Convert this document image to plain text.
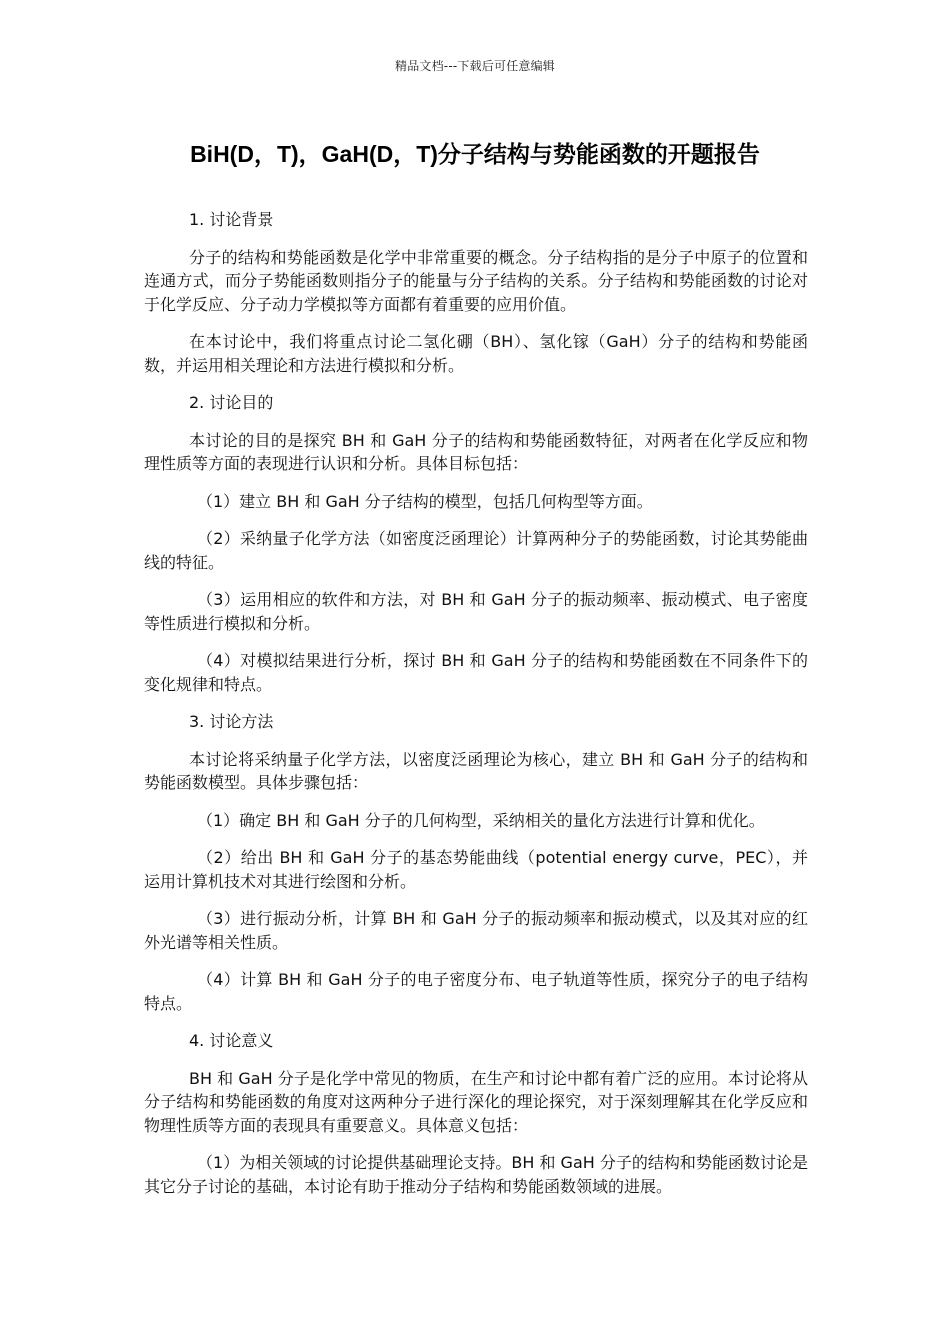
精品文档---下载后可任意编辑
BiH(D，T)，GaH(D，T)分子结构与势能函数的开题报告

1. 讨论背景

分子的结构和势能函数是化学中非常重要的概念。分子结构指的是分子中原子的位置和连通方式，而分子势能函数则指分子的能量与分子结构的关系。分子结构和势能函数的讨论对于化学反应、分子动力学模拟等方面都有着重要的应用价值。

在本讨论中，我们将重点讨论二氢化硼（BH）、氢化镓（GaH）分子的结构和势能函数，并运用相关理论和方法进行模拟和分析。

2. 讨论目的

本讨论的目的是探究 BH 和 GaH 分子的结构和势能函数特征，对两者在化学反应和物理性质等方面的表现进行认识和分析。具体目标包括：

（1）建立 BH 和 GaH 分子结构的模型，包括几何构型等方面。

（2）采纳量子化学方法（如密度泛函理论）计算两种分子的势能函数，讨论其势能曲线的特征。

（3）运用相应的软件和方法，对 BH 和 GaH 分子的振动频率、振动模式、电子密度等性质进行模拟和分析。

（4）对模拟结果进行分析，探讨 BH 和 GaH 分子的结构和势能函数在不同条件下的变化规律和特点。

3. 讨论方法

本讨论将采纳量子化学方法，以密度泛函理论为核心，建立 BH 和 GaH 分子的结构和势能函数模型。具体步骤包括：

（1）确定 BH 和 GaH 分子的几何构型，采纳相关的量化方法进行计算和优化。

（2）给出 BH 和 GaH 分子的基态势能曲线（potential energy curve，PEC），并运用计算机技术对其进行绘图和分析。

（3）进行振动分析，计算 BH 和 GaH 分子的振动频率和振动模式，以及其对应的红外光谱等相关性质。

（4）计算 BH 和 GaH 分子的电子密度分布、电子轨道等性质，探究分子的电子结构特点。

4. 讨论意义

BH 和 GaH 分子是化学中常见的物质，在生产和讨论中都有着广泛的应用。本讨论将从分子结构和势能函数的角度对这两种分子进行深化的理论探究，对于深刻理解其在化学反应和物理性质等方面的表现具有重要意义。具体意义包括：

（1）为相关领域的讨论提供基础理论支持。BH 和 GaH 分子的结构和势能函数讨论是其它分子讨论的基础，本讨论有助于推动分子结构和势能函数领域的进展。
